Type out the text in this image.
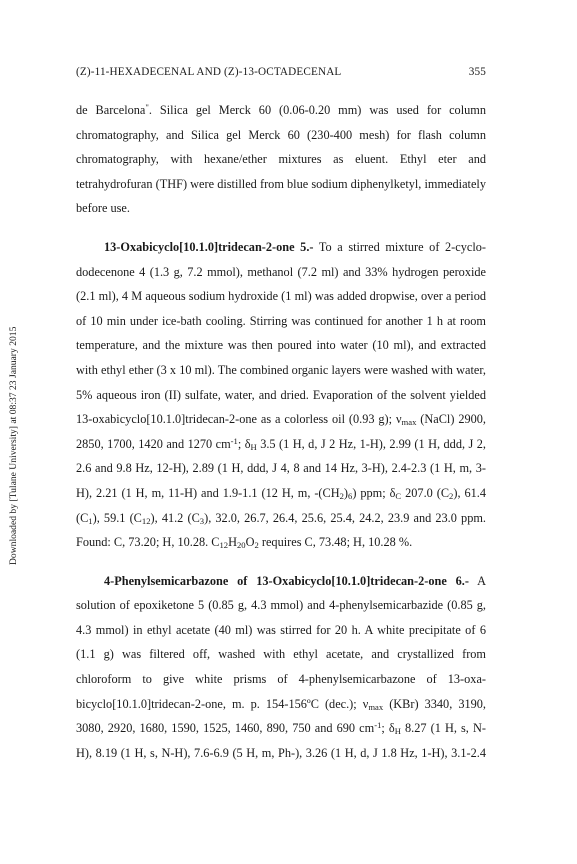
(Z)-11-HEXADECENAL AND (Z)-13-OCTADECENAL	355
Downloaded by [Tulane University] at 08:37 23 January 2015

de Barcelona". Silica gel Merck 60 (0.06-0.20 mm) was used for column
chromatography, and Silica gel Merck 60 (230-400 mesh) for flash column
chromatography, with hexane/ether mixtures as eluent. Ethyl eter and
tetrahydrofuran (THF) were distilled from blue sodium diphenylketyl, immediately
before use.

13-Oxabicyclo[10.1.0]tridecan-2-one 5.- To a stirred mixture of 2-cyclo-
dodecenone 4 (1.3 g, 7.2 mmol), methanol (7.2 ml) and 33% hydrogen peroxide
(2.1 ml), 4 M aqueous sodium hydroxide (1 ml) was added dropwise, over a period
of 10 min under ice-bath cooling. Stirring was continued for another 1 h at room
temperature, and the mixture was then poured into water (10 ml), and extracted
with ethyl ether (3 x 10 ml). The combined organic layers were washed with water,
5% aqueous iron (II) sulfate, water, and dried. Evaporation of the solvent yielded
13-oxabicyclo[10.1.0]tridecan-2-one as a colorless oil (0.93 g); $\nu_{max}$ (NaCl) 2900,
2850, 1700, 1420 and 1270 $cm^{-1}$; $\delta_H$ 3.5 (1 H, d, J 2 Hz, 1-H), 2.99 (1 H, ddd, J 2,
2.6 and 9.8 Hz, 12-H), 2.89 (1 H, ddd, J 4, 8 and 14 Hz, 3-H), 2.4-2.3 (1 H, m, 3-
H), 2.21 (1 H, m, 11-H) and 1.9-1.1 (12 H, m, $-(CH_2)_6$) ppm; $\delta_C$ 207.0 $(C_2)$, 61.4
$(C_1)$, 59.1 $(C_{12})$, 41.2 $(C_3)$, 32.0, 26.7, 26.4, 25.6, 25.4, 24.2, 23.9 and 23.0 ppm.
Found: C, 73.20; H, 10.28. $C_{12}H_{20}O_2$ requires C, 73.48; H, 10.28 %.

4-Phenylsemicarbazone of 13-Oxabicyclo[10.1.0]tridecan-2-one 6.- A
solution of epoxiketone 5 (0.85 g, 4.3 mmol) and 4-phenylsemicarbazide (0.85 g,
4.3 mmol) in ethyl acetate (40 ml) was stirred for 20 h. A white precipitate of 6
(1.1 g) was filtered off, washed with ethyl acetate, and crystallized from
chloroform to give white prisms of 4-phenylsemicarbazone of 13-oxa-
bicyclo[10.1.0]tridecan-2-one, m. p. 154-156ºC (dec.); $\nu_{max}$ (KBr) 3340, 3190,
3080, 2920, 1680, 1590, 1525, 1460, 890, 750 and 690 $cm^{-1}$; $\delta_H$ 8.27 (1 H, s, N-
H), 8.19 (1 H, s, N-H), 7.6-6.9 (5 H, m, Ph-), 3.26 (1 H, d, J 1.8 Hz, 1-H), 3.1-2.4
